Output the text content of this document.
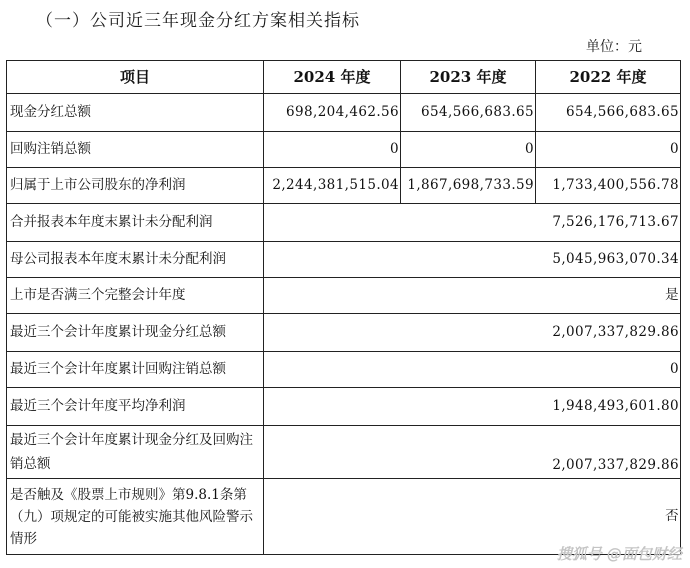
（一）公司近三年现金分红方案相关指标
单位：元
项目	2024 年度	2023 年度	2022 年度
现金分红总额	698,204,462.56	654,566,683.65	654,566,683.65
回购注销总额	0	0	0
归属于上市公司股东的净利润	2,244,381,515.04	1,867,698,733.59	1,733,400,556.78
合并报表本年度末累计未分配利润	7,526,176,713.67		
母公司报表本年度末累计未分配利润	5,045,963,070.34		
上市是否满三个完整会计年度	是		
最近三个会计年度累计现金分红总额	2,007,337,829.86		
最近三个会计年度累计回购注销总额	0		
最近三个会计年度平均净利润	1,948,493,601.80		
最近三个会计年度累计现金分红及回购注销总额	2,007,337,829.86		
是否触及《股票上市规则》第9.8.1条第（九）项规定的可能被实施其他风险警示情形	否		
搜狐号 @面包财经
